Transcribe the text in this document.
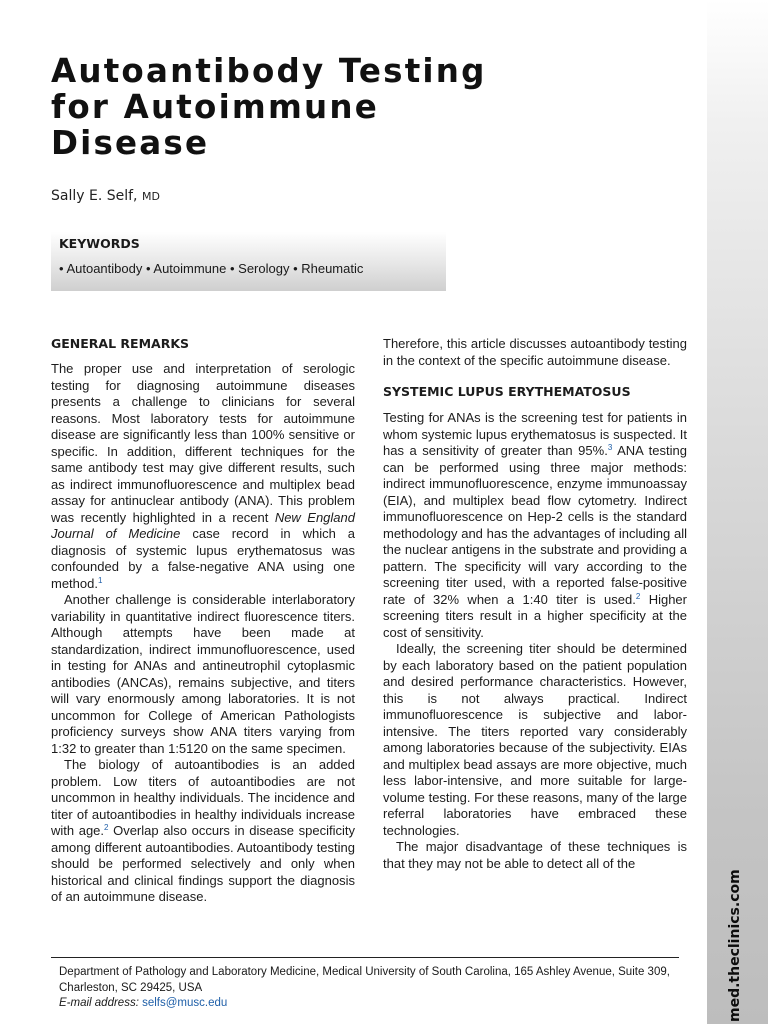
med.theclinics.com
Autoantibody Testing
for Autoimmune
Disease

Sally E. Self, MD

KEYWORDS

• Autoantibody • Autoimmune • Serology • Rheumatic

GENERAL REMARKS

The proper use and interpretation of serologic testing for diagnosing autoimmune diseases presents a challenge to clinicians for several reasons. Most laboratory tests for autoimmune disease are significantly less than 100% sensitive or specific. In addition, different techniques for the same antibody test may give different results, such as indirect immunofluorescence and multiplex bead assay for antinuclear antibody (ANA). This problem was recently highlighted in a recent New England Journal of Medicine case record in which a diagnosis of systemic lupus erythematosus was confounded by a false-negative ANA using one method.$^1$

Another challenge is considerable interlaboratory variability in quantitative indirect fluorescence titers. Although attempts have been made at standardization, indirect immunofluorescence, used in testing for ANAs and antineutrophil cytoplasmic antibodies (ANCAs), remains subjective, and titers will vary enormously among laboratories. It is not uncommon for College of American Pathologists proficiency surveys show ANA titers varying from 1:32 to greater than 1:5120 on the same specimen.

The biology of autoantibodies is an added problem. Low titers of autoantibodies are not uncommon in healthy individuals. The incidence and titer of autoantibodies in healthy individuals increase with age.$^2$ Overlap also occurs in disease specificity among different autoantibodies. Autoantibody testing should be performed selectively and only when historical and clinical findings support the diagnosis of an autoimmune disease.

Therefore, this article discusses autoantibody testing in the context of the specific autoimmune disease.

SYSTEMIC LUPUS ERYTHEMATOSUS

Testing for ANAs is the screening test for patients in whom systemic lupus erythematosus is suspected. It has a sensitivity of greater than 95%.$^3$ ANA testing can be performed using three major methods: indirect immunofluorescence, enzyme immunoassay (EIA), and multiplex bead flow cytometry. Indirect immunofluorescence on Hep-2 cells is the standard methodology and has the advantages of including all the nuclear antigens in the substrate and providing a pattern. The specificity will vary according to the screening titer used, with a reported false-positive rate of 32% when a 1:40 titer is used.$^2$ Higher screening titers result in a higher specificity at the cost of sensitivity.

Ideally, the screening titer should be determined by each laboratory based on the patient population and desired performance characteristics. However, this is not always practical. Indirect immunofluorescence is subjective and labor-intensive. The titers reported vary considerably among laboratories because of the subjectivity. EIAs and multiplex bead assays are more objective, much less labor-intensive, and more suitable for large-volume testing. For these reasons, many of the large referral laboratories have embraced these technologies.

The major disadvantage of these techniques is that they may not be able to detect all of the

Department of Pathology and Laboratory Medicine, Medical University of South Carolina, 165 Ashley Avenue, Suite 309, Charleston, SC 29425, USA

E-mail address: selfs@musc.edu
